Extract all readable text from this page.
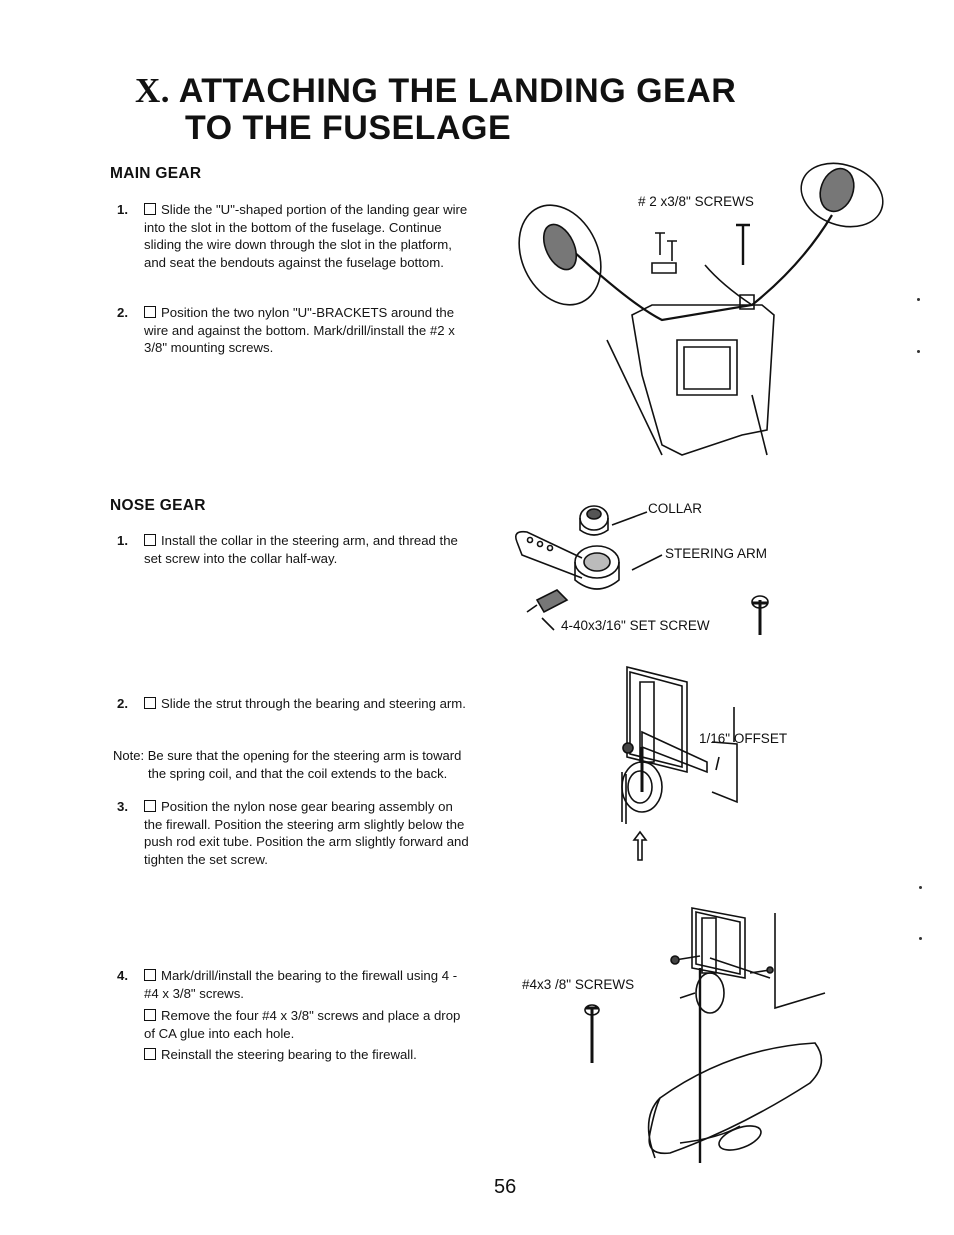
X. ATTACHING THE LANDING GEAR
TO THE FUSELAGE
MAIN GEAR
1.	Slide the "U"-shaped portion of the landing gear wire into the slot in the bottom of the fuselage. Continue sliding the wire down through the slot in the platform, and seat the bendouts against the fuselage bottom.
2.	Position the two nylon "U"-BRACKETS around the wire and against the bottom. Mark/drill/install the #2 x 3/8" mounting screws.
# 2 x3/8" SCREWS
NOSE GEAR
1.	Install the collar in the steering arm, and thread the set screw into the collar half-way.
COLLAR
STEERING ARM
4-40x3/16" SET SCREW
2.	Slide the strut through the bearing and steering arm.
Note: Be sure that the opening for the steering arm is toward
the spring coil, and that the coil extends to the back.
3.	Position the nylon nose gear bearing assembly on the firewall. Position the steering arm slightly below the push rod exit tube. Position the arm slightly forward and tighten the set screw.
1/16" OFFSET
4.	Mark/drill/install the bearing to the firewall using 4 - #4 x 3/8" screws.
Remove the four #4 x 3/8" screws and place a drop of CA glue into each hole.
Reinstall the steering bearing to the firewall.
#4x3 /8" SCREWS
56
